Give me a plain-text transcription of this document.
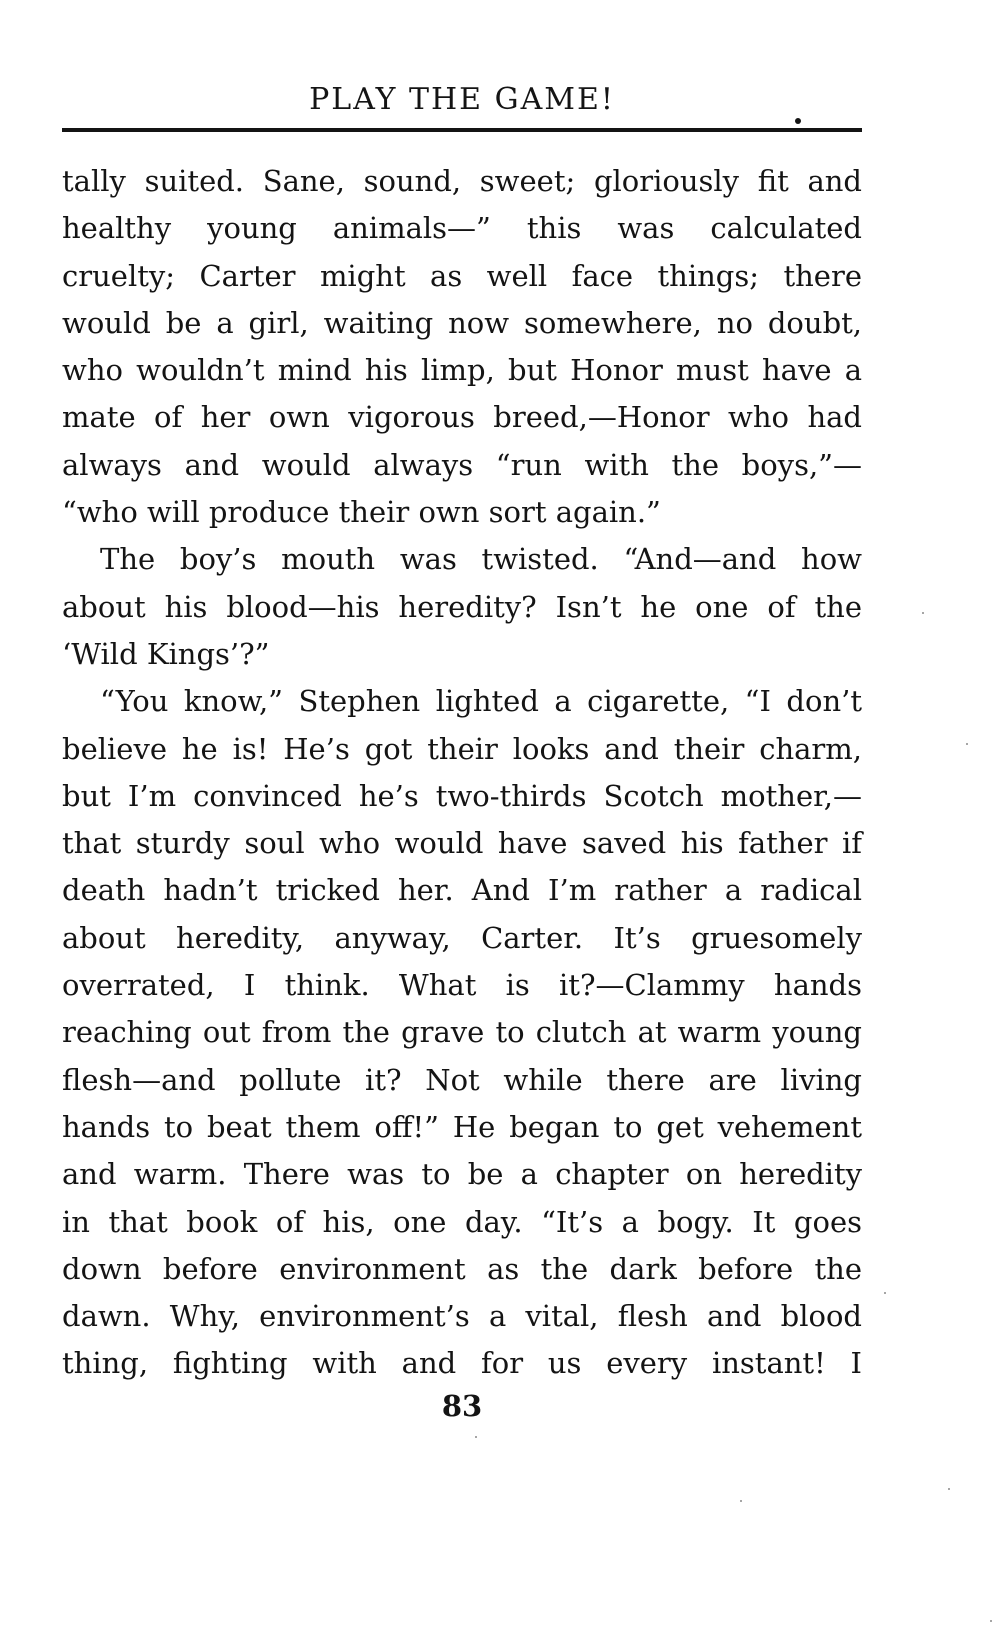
PLAY THE GAME!
tally suited. Sane, sound, sweet; gloriously fit and
healthy young animals—” this was calculated
cruelty; Carter might as well face things; there
would be a girl, waiting now somewhere, no doubt,
who wouldn’t mind his limp, but Honor must have a
mate of her own vigorous breed,—Honor who had
always and would always “run with the boys,”—
“who will produce their own sort again.”
The boy’s mouth was twisted. “And—and how
about his blood—his heredity? Isn’t he one of the
‘Wild Kings’?”
“You know,” Stephen lighted a cigarette, “I don’t
believe he is! He’s got their looks and their charm,
but I’m convinced he’s two-thirds Scotch mother,—
that sturdy soul who would have saved his father if
death hadn’t tricked her. And I’m rather a radical
about heredity, anyway, Carter. It’s gruesomely
overrated, I think. What is it?—Clammy hands
reaching out from the grave to clutch at warm young
flesh—and pollute it? Not while there are living
hands to beat them off!” He began to get vehement
and warm. There was to be a chapter on heredity
in that book of his, one day. “It’s a bogy. It goes
down before environment as the dark before the
dawn. Why, environment’s a vital, flesh and blood
thing, fighting with and for us every instant! I
83
